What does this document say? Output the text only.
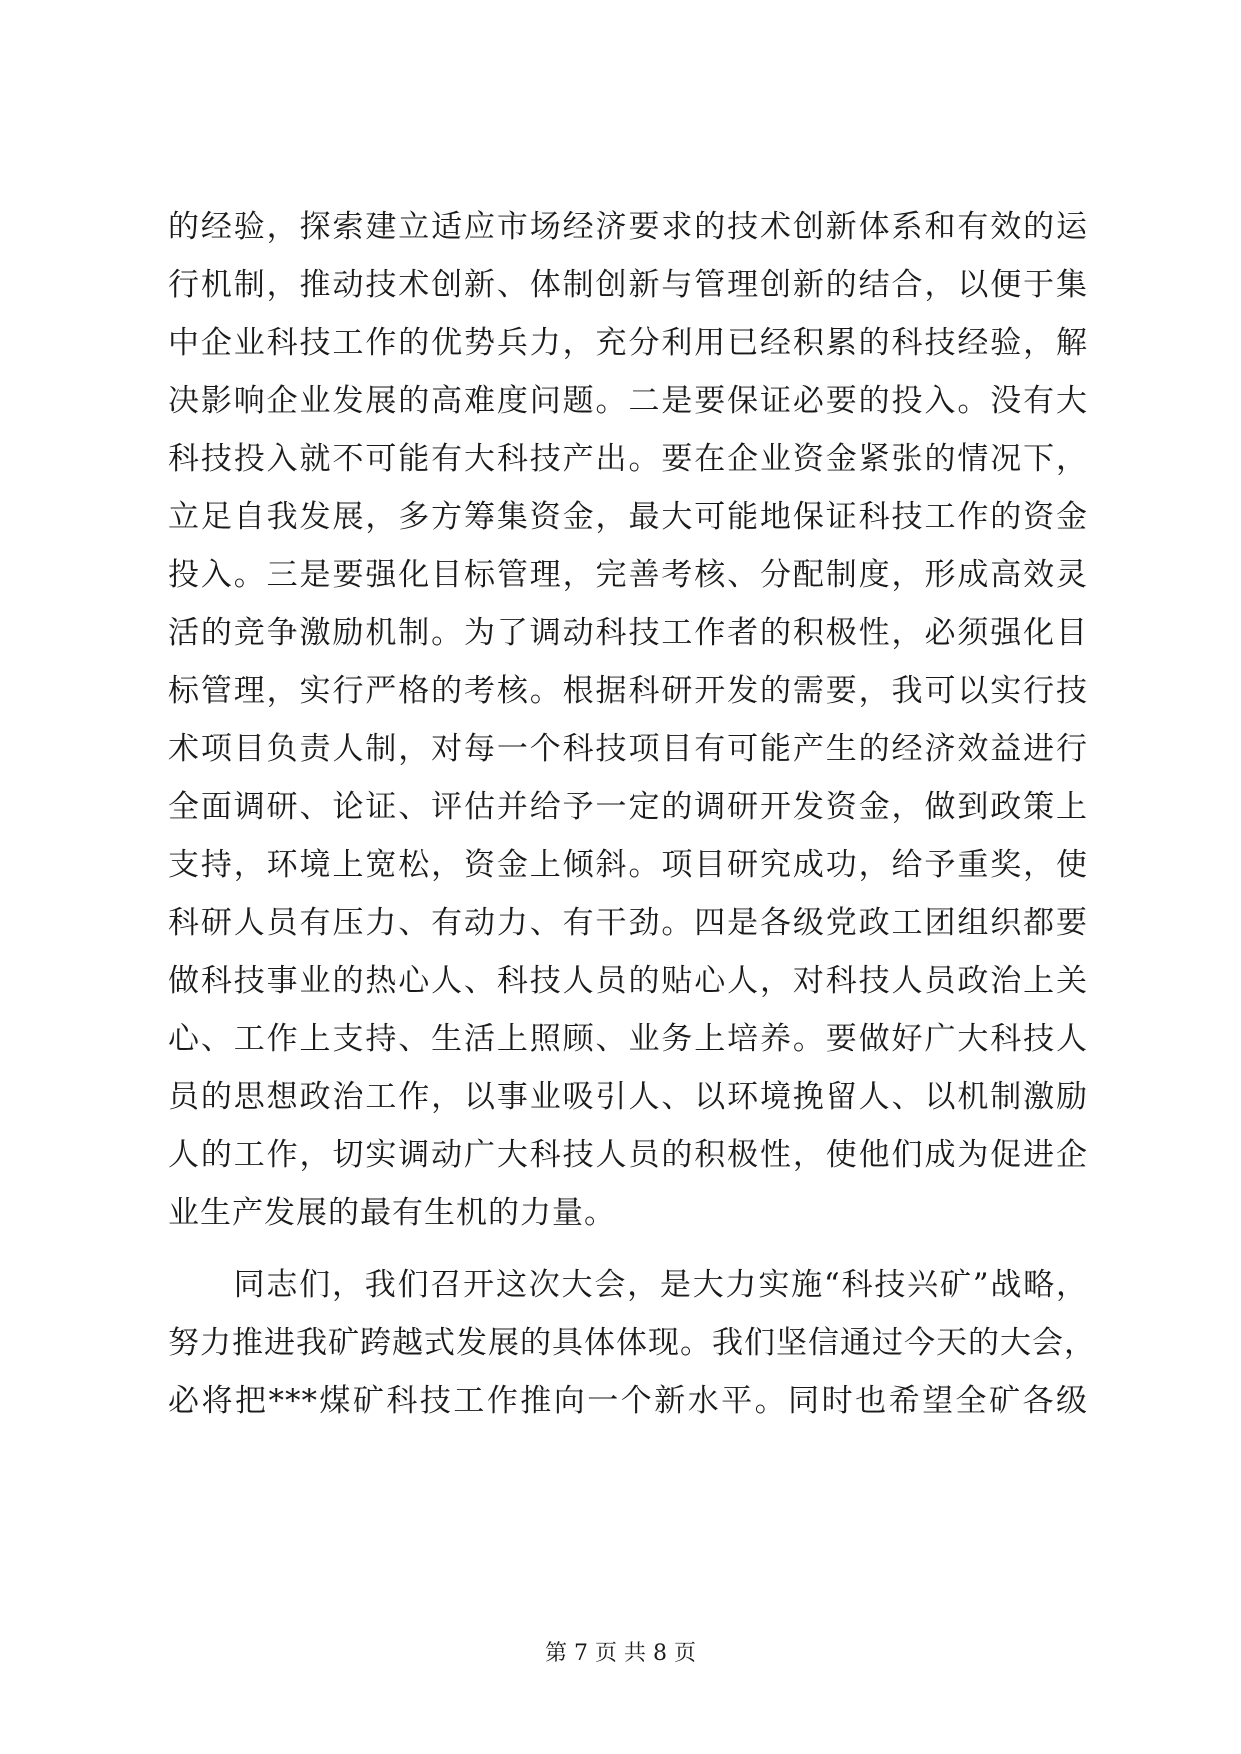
的经验，探索建立适应市场经济要求的技术创新体系和有效的运
行机制，推动技术创新、体制创新与管理创新的结合，以便于集
中企业科技工作的优势兵力，充分利用已经积累的科技经验，解
决影响企业发展的高难度问题。二是要保证必要的投入。没有大
科技投入就不可能有大科技产出。要在企业资金紧张的情况下，
立足自我发展，多方筹集资金，最大可能地保证科技工作的资金
投入。三是要强化目标管理，完善考核、分配制度，形成高效灵
活的竞争激励机制。为了调动科技工作者的积极性，必须强化目
标管理，实行严格的考核。根据科研开发的需要，我可以实行技
术项目负责人制，对每一个科技项目有可能产生的经济效益进行
全面调研、论证、评估并给予一定的调研开发资金，做到政策上
支持，环境上宽松，资金上倾斜。项目研究成功，给予重奖，使
科研人员有压力、有动力、有干劲。四是各级党政工团组织都要
做科技事业的热心人、科技人员的贴心人，对科技人员政治上关
心、工作上支持、生活上照顾、业务上培养。要做好广大科技人
员的思想政治工作，以事业吸引人、以环境挽留人、以机制激励
人的工作，切实调动广大科技人员的积极性，使他们成为促进企
业生产发展的最有生机的力量。
　　同志们，我们召开这次大会，是大力实施“科技兴矿”战略，
努力推进我矿跨越式发展的具体体现。我们坚信通过今天的大会，
必将把***煤矿科技工作推向一个新水平。同时也希望全矿各级
第 7 页 共 8 页
